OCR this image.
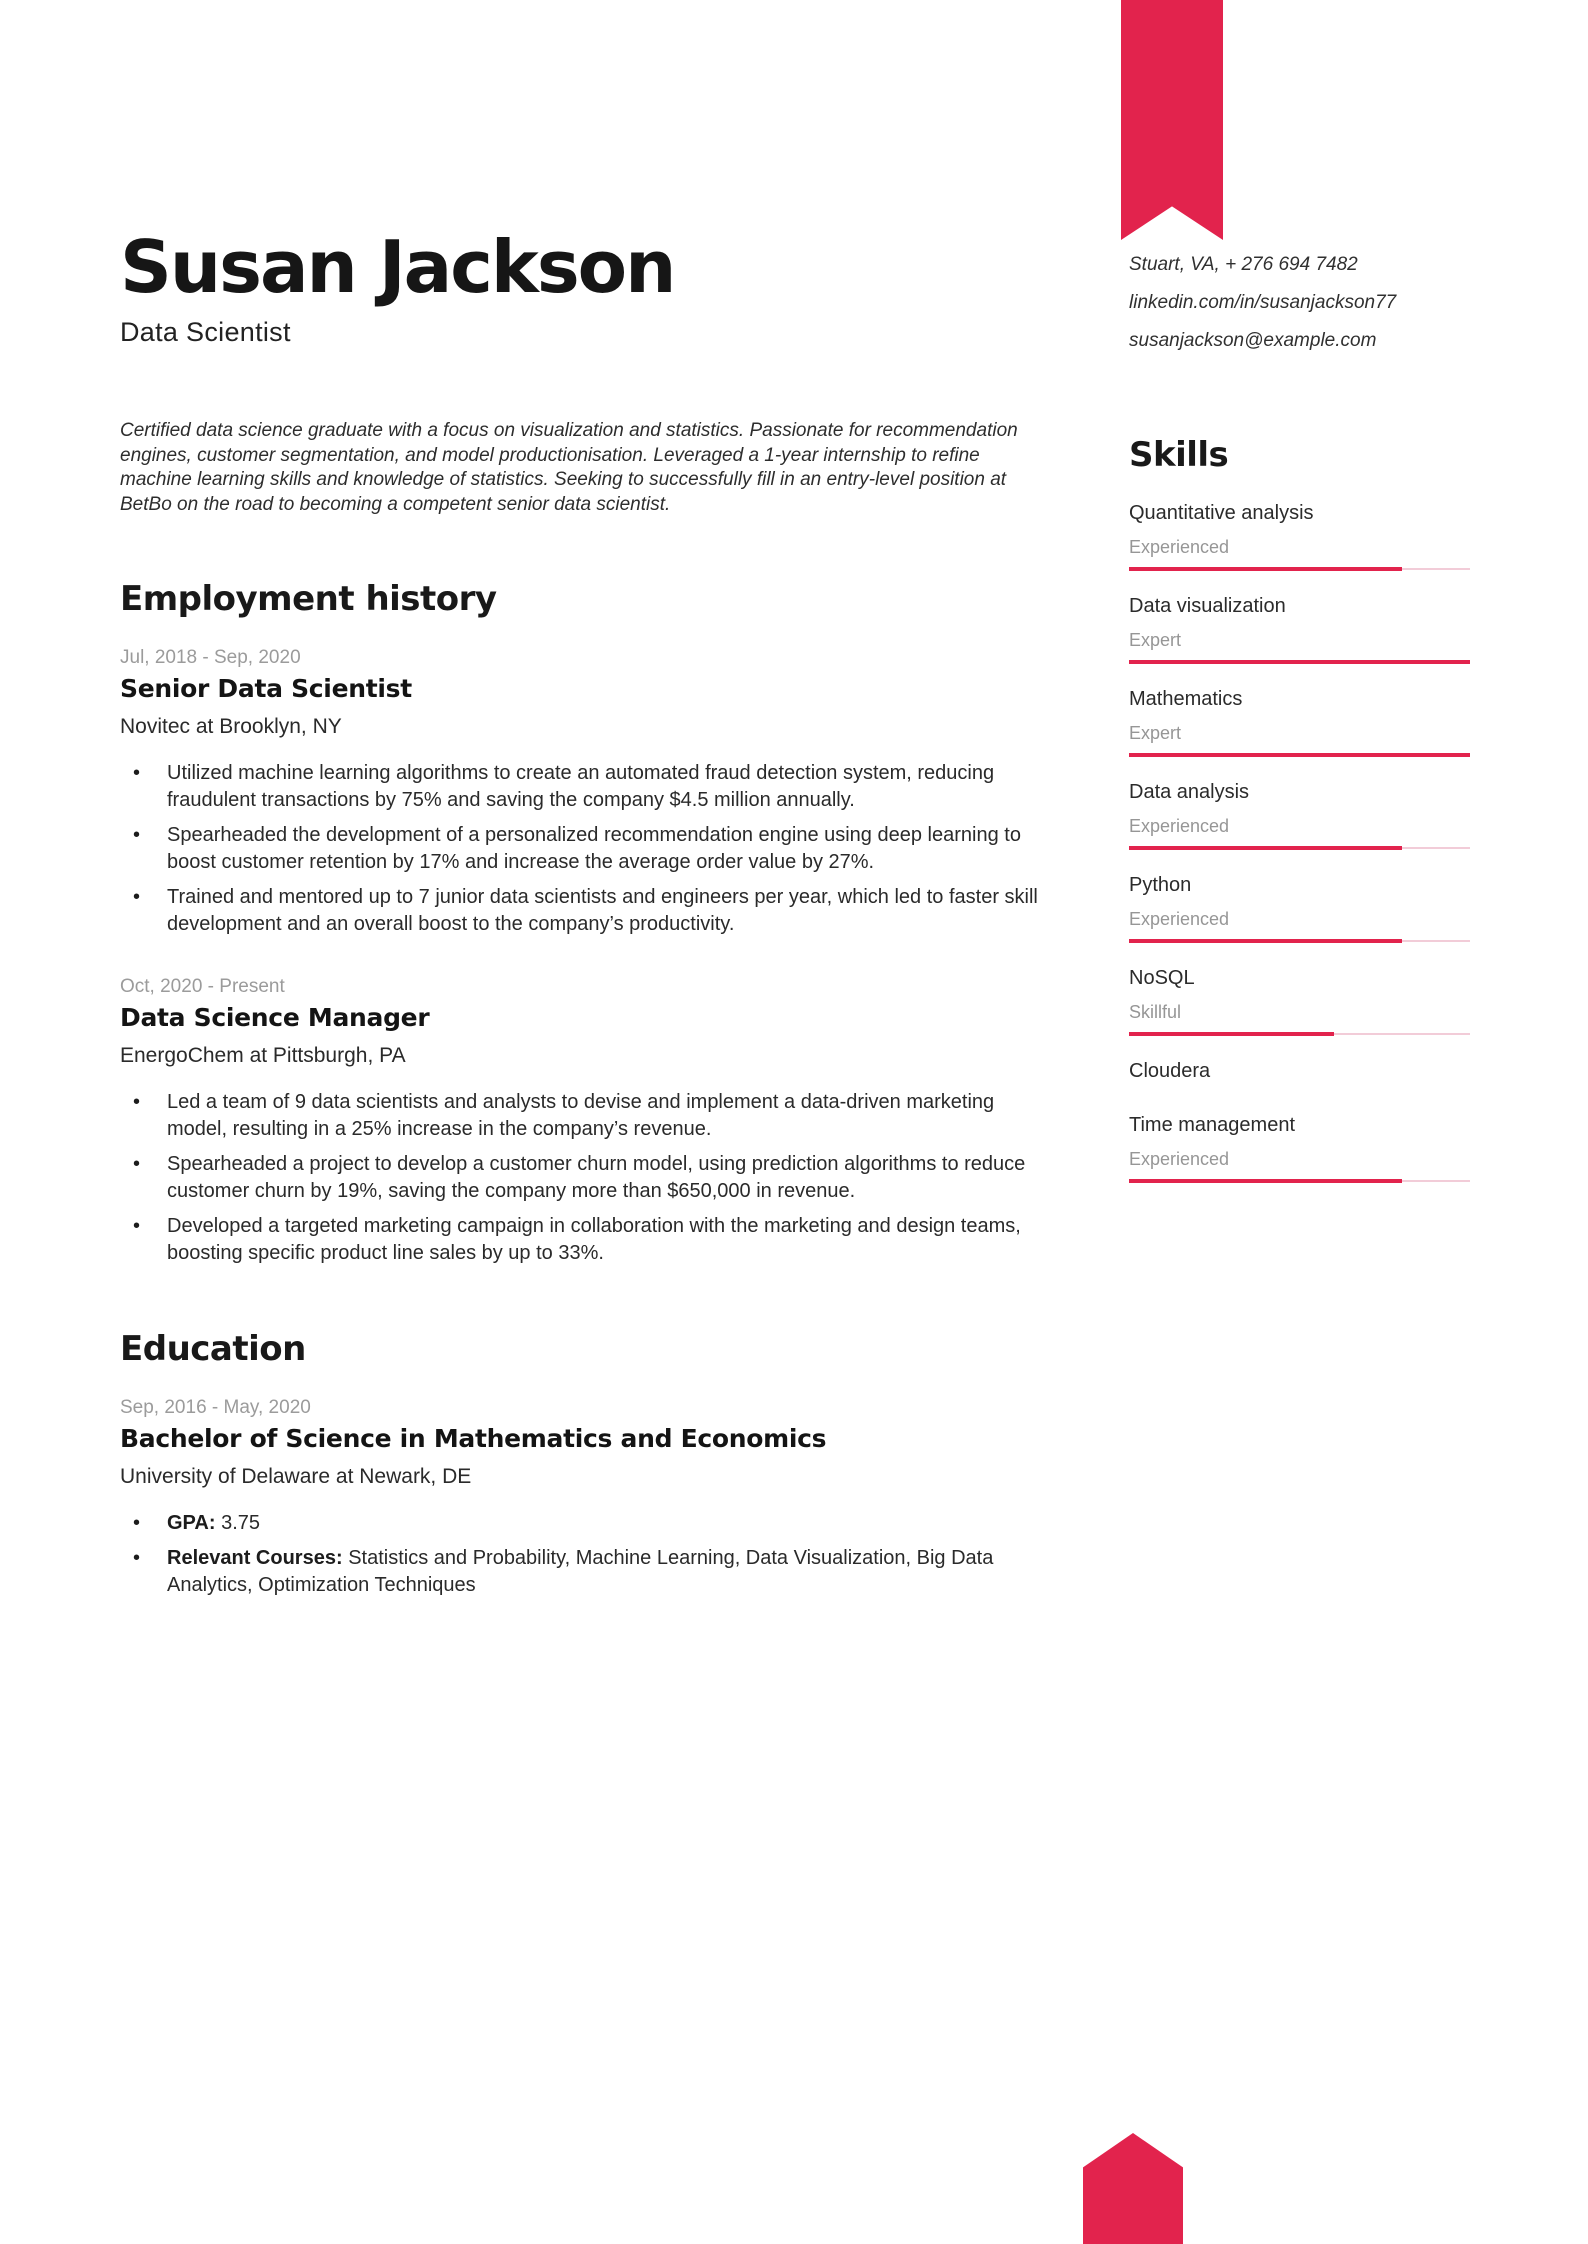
Susan Jackson
Data Scientist

Certified data science graduate with a focus on visualization and statistics. Passionate for recommendation engines, customer segmentation, and model productionisation. Leveraged a 1-year internship to refine machine learning skills and knowledge of statistics. Seeking to successfully fill in an entry-level position at BetBo on the road to becoming a competent senior data scientist.

Employment history
Jul, 2018 - Sep, 2020
Senior Data Scientist
Novitec at Brooklyn, NY
• Utilized machine learning algorithms to create an automated fraud detection system, reducing fraudulent transactions by 75% and saving the company $4.5 million annually.
• Spearheaded the development of a personalized recommendation engine using deep learning to boost customer retention by 17% and increase the average order value by 27%.
• Trained and mentored up to 7 junior data scientists and engineers per year, which led to faster skill development and an overall boost to the company’s productivity.
Oct, 2020 - Present
Data Science Manager
EnergoChem at Pittsburgh, PA
• Led a team of 9 data scientists and analysts to devise and implement a data-driven marketing model, resulting in a 25% increase in the company’s revenue.
• Spearheaded a project to develop a customer churn model, using prediction algorithms to reduce customer churn by 19%, saving the company more than $650,000 in revenue.
• Developed a targeted marketing campaign in collaboration with the marketing and design teams, boosting specific product line sales by up to 33%.
Education
Sep, 2016 - May, 2020
Bachelor of Science in Mathematics and Economics
University of Delaware at Newark, DE
• GPA: 3.75
• Relevant Courses: Statistics and Probability, Machine Learning, Data Visualization, Big Data Analytics, Optimization Techniques
Stuart, VA, + 276 694 7482
linkedin.com/in/susanjackson77
susanjackson@example.com
Skills
Quantitative analysis
Experienced
Data visualization
Expert
Mathematics
Expert
Data analysis
Experienced
Python
Experienced
NoSQL
Skillful
Cloudera
Time management
Experienced
